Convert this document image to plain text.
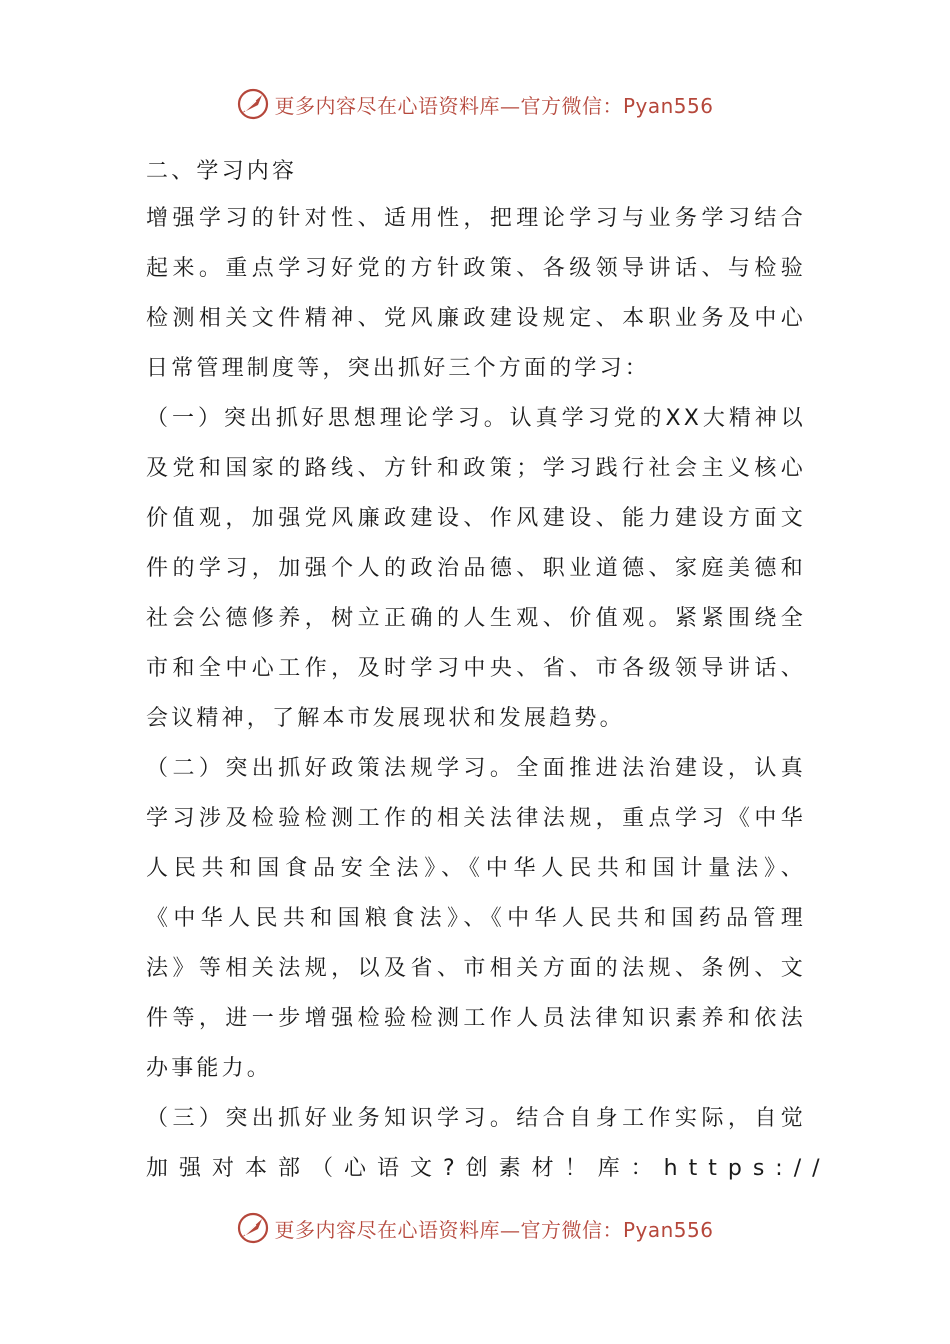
更多内容尽在心语资料库—官方微信：Pyan556
二、学习内容
增强学习的针对性、适用性，把理论学习与业务学习结合
起来。重点学习好党的方针政策、各级领导讲话、与检验
检测相关文件精神、党风廉政建设规定、本职业务及中心
日常管理制度等，突出抓好三个方面的学习：
（一）突出抓好思想理论学习。认真学习党的XX大精神以
及党和国家的路线、方针和政策；学习践行社会主义核心
价值观，加强党风廉政建设、作风建设、能力建设方面文
件的学习，加强个人的政治品德、职业道德、家庭美德和
社会公德修养，树立正确的人生观、价值观。紧紧围绕全
市和全中心工作，及时学习中央、省、市各级领导讲话、
会议精神，了解本市发展现状和发展趋势。
（二）突出抓好政策法规学习。全面推进法治建设，认真
学习涉及检验检测工作的相关法律法规，重点学习《中华
人民共和国食品安全法》、《中华人民共和国计量法》、
《中华人民共和国粮食法》、《中华人民共和国药品管理
法》等相关法规，以及省、市相关方面的法规、条例、文
件等，进一步增强检验检测工作人员法律知识素养和依法
办事能力。
（三）突出抓好业务知识学习。结合自身工作实际，自觉
加强对本部（心语文?创素材！库：https://
更多内容尽在心语资料库—官方微信：Pyan556
